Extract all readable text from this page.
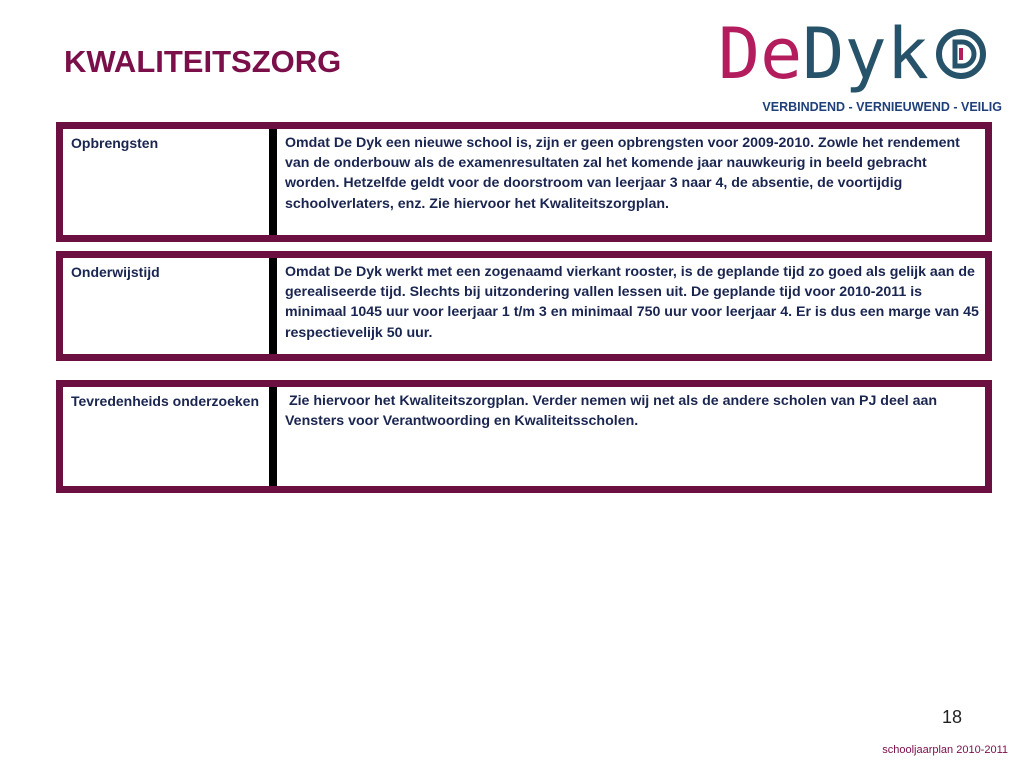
KWALITEITSZORG	De Dyk
VERBINDEND - VERNIEUWEND - VEILIG
Opbrengsten	Omdat De Dyk een nieuwe school is, zijn er geen opbrengsten voor 2009-2010. Zowle het rendement van de onderbouw als de examenresultaten zal het komende jaar nauwkeurig in beeld gebracht worden. Hetzelfde geldt voor de doorstroom van leerjaar 3 naar 4, de absentie, de voortijdig schoolverlaters, enz. Zie hiervoor het Kwaliteitszorgplan.
Onderwijstijd	Omdat De Dyk werkt met een zogenaamd vierkant rooster, is de geplande tijd zo goed als gelijk aan de gerealiseerde tijd. Slechts bij uitzondering vallen lessen uit. De geplande tijd voor 2010-2011 is minimaal 1045 uur voor leerjaar 1 t/m 3 en minimaal 750 uur voor leerjaar 4. Er is dus een marge van 45 respectievelijk 50 uur.
Tevredenheids onderzoeken	Zie hiervoor het Kwaliteitszorgplan. Verder nemen wij net als de andere scholen van PJ deel aan Vensters voor Verantwoording en Kwaliteitsscholen.
18
schooljaarplan 2010-2011
